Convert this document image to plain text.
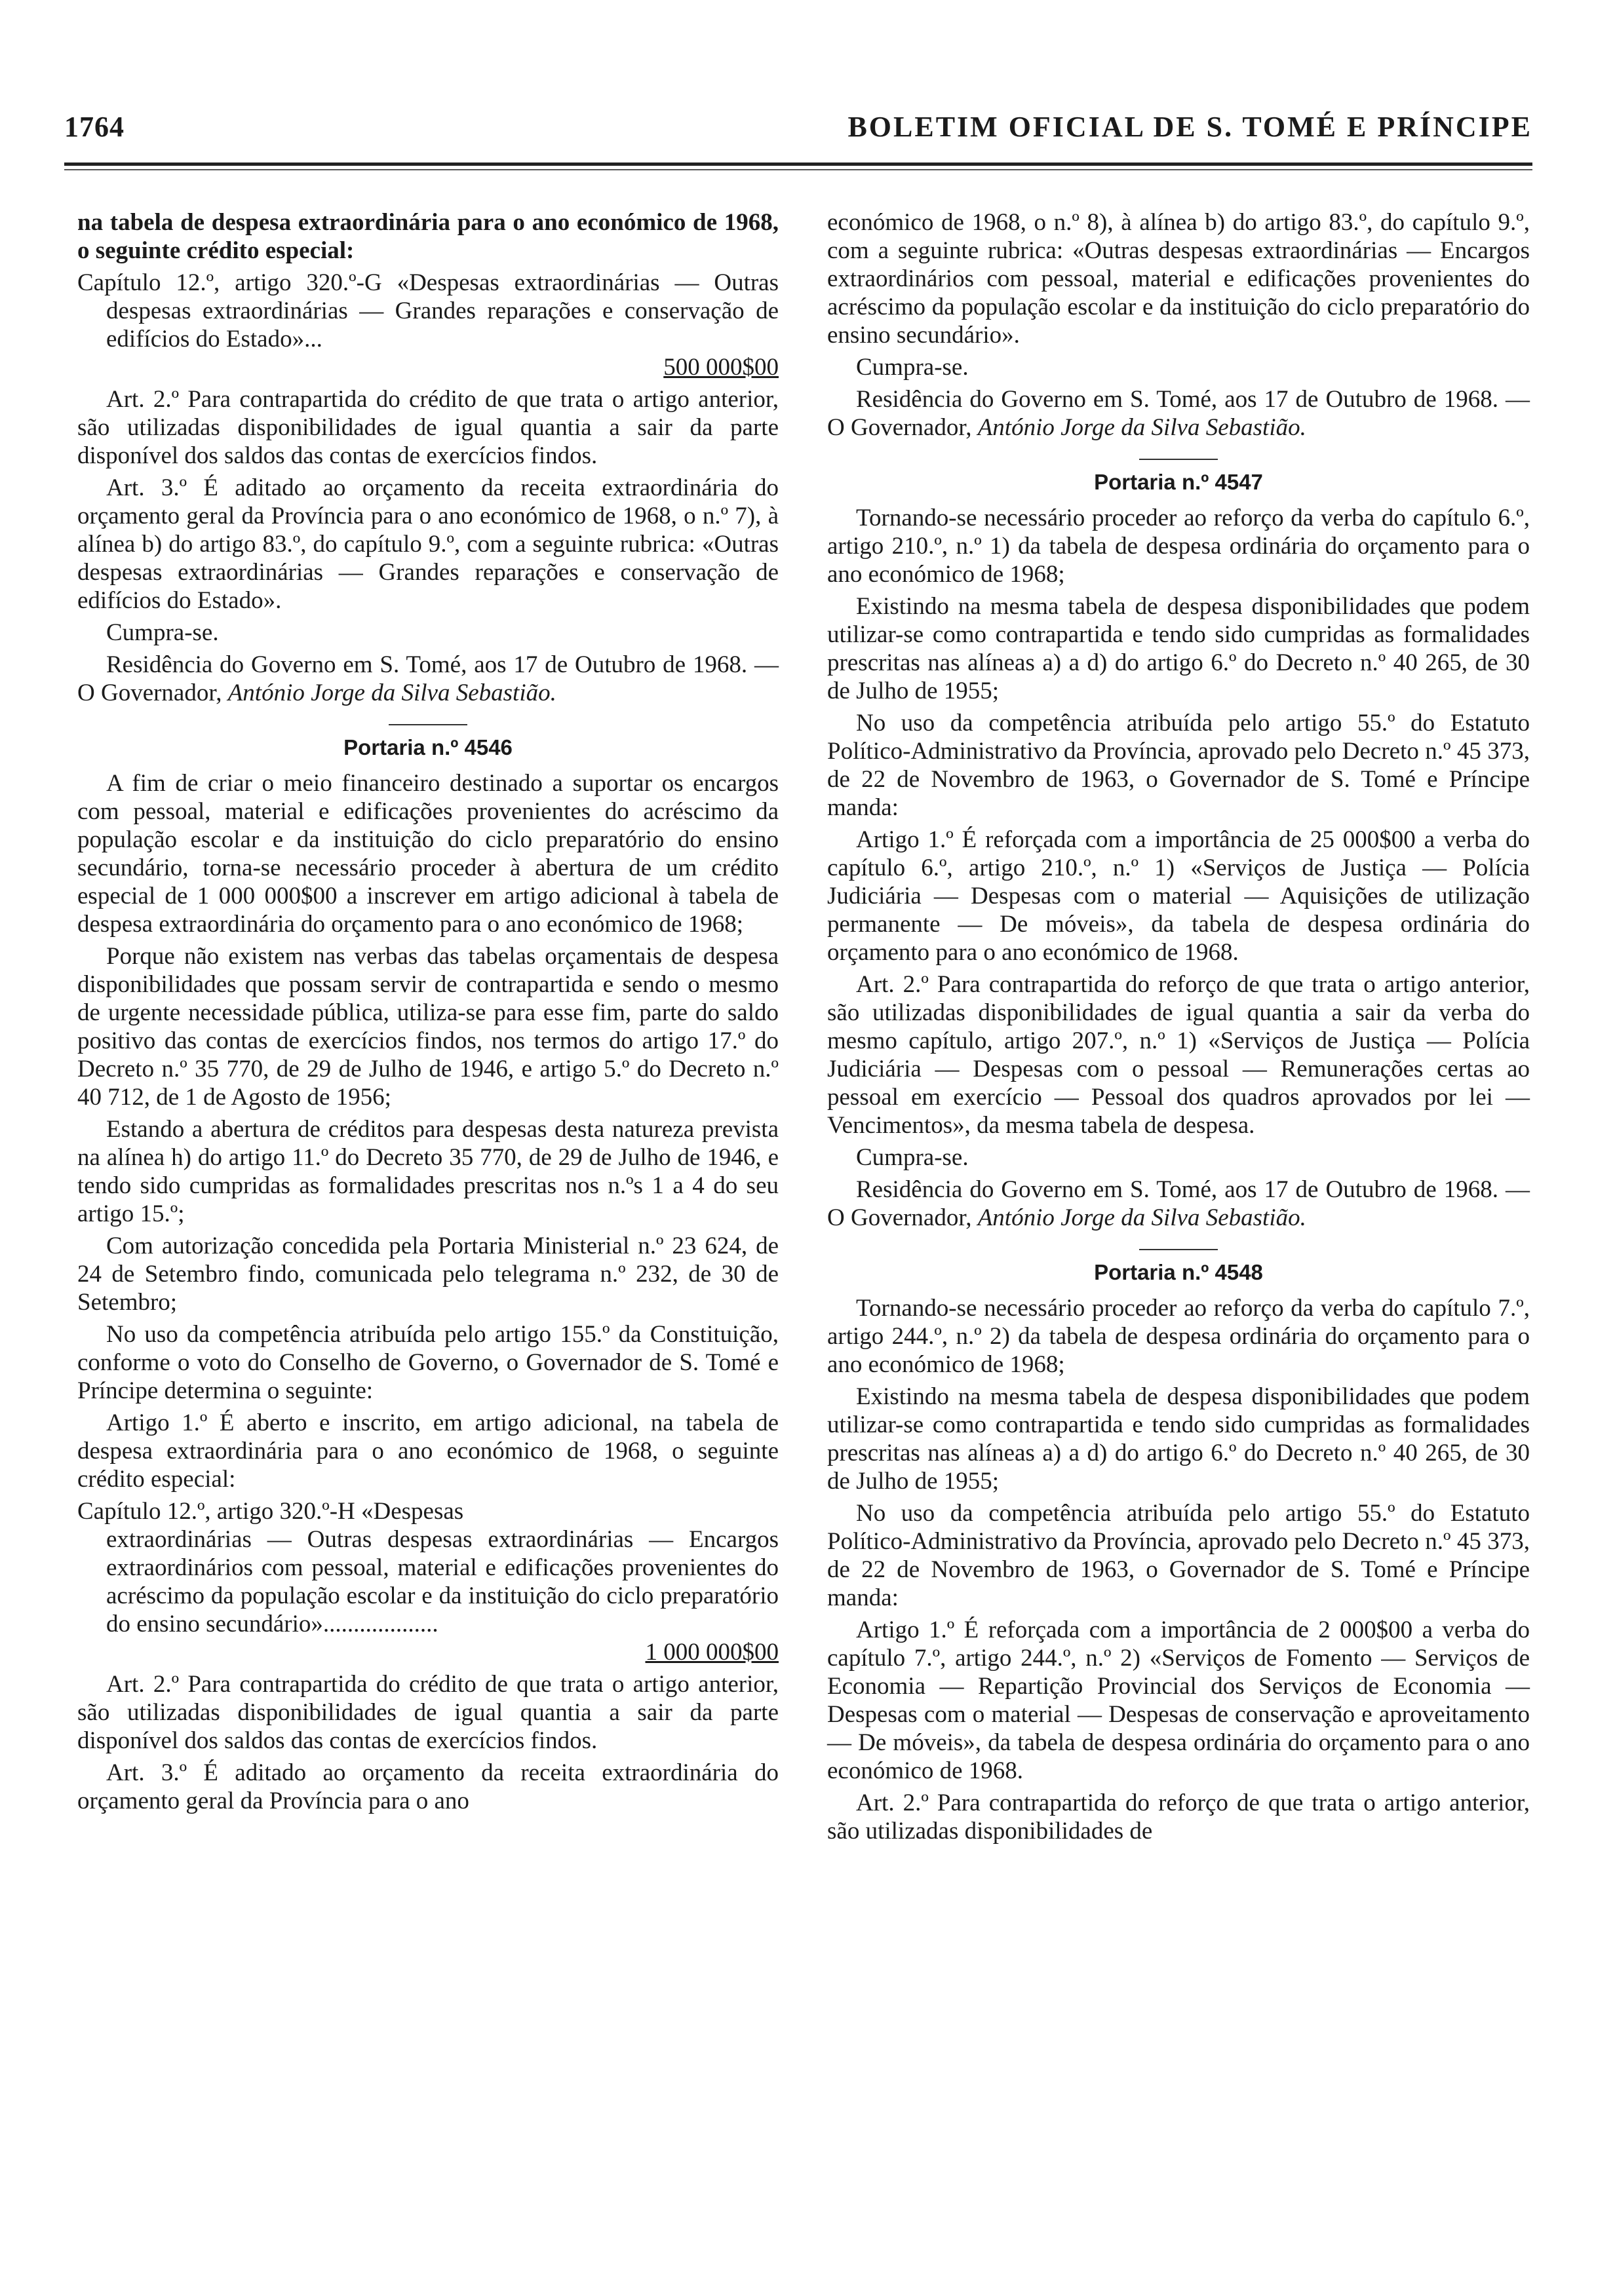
1764	BOLETIM OFICIAL DE S. TOMÉ E PRÍNCIPE

na tabela de despesa extraordinária para o ano económico de 1968, o seguinte crédito especial:

Capítulo 12.º, artigo 320.º-G «Despesas extraordinárias — Outras despesas extraordinárias — Grandes reparações e conservação de edifícios do Estado»...
500 000$00

Art. 2.º Para contrapartida do crédito de que trata o artigo anterior, são utilizadas disponibilidades de igual quantia a sair da parte disponível dos saldos das contas de exercícios findos.

Art. 3.º É aditado ao orçamento da receita extraordinária do orçamento geral da Província para o ano económico de 1968, o n.º 7), à alínea b) do artigo 83.º, do capítulo 9.º, com a seguinte rubrica: «Outras despesas extraordinárias — Grandes reparações e conservação de edifícios do Estado».

Cumpra-se.

Residência do Governo em S. Tomé, aos 17 de Outubro de 1968. — O Governador, António Jorge da Silva Sebastião.

Portaria n.º 4546

A fim de criar o meio financeiro destinado a suportar os encargos com pessoal, material e edificações provenientes do acréscimo da população escolar e da instituição do ciclo preparatório do ensino secundário, torna-se necessário proceder à abertura de um crédito especial de 1 000 000$00 a inscrever em artigo adicional à tabela de despesa extraordinária do orçamento para o ano económico de 1968;

Porque não existem nas verbas das tabelas orçamentais de despesa disponibilidades que possam servir de contrapartida e sendo o mesmo de urgente necessidade pública, utiliza-se para esse fim, parte do saldo positivo das contas de exercícios findos, nos termos do artigo 17.º do Decreto n.º 35 770, de 29 de Julho de 1946, e artigo 5.º do Decreto n.º 40 712, de 1 de Agosto de 1956;

Estando a abertura de créditos para despesas desta natureza prevista na alínea h) do artigo 11.º do Decreto 35 770, de 29 de Julho de 1946, e tendo sido cumpridas as formalidades prescritas nos n.ºs 1 a 4 do seu artigo 15.º;

Com autorização concedida pela Portaria Ministerial n.º 23 624, de 24 de Setembro findo, comunicada pelo telegrama n.º 232, de 30 de Setembro;

No uso da competência atribuída pelo artigo 155.º da Constituição, conforme o voto do Conselho de Governo, o Governador de S. Tomé e Príncipe determina o seguinte:

Artigo 1.º É aberto e inscrito, em artigo adicional, na tabela de despesa extraordinária para o ano económico de 1968, o seguinte crédito especial:

Capítulo 12.º, artigo 320.º-H «Despesas
extraordinárias — Outras despesas extraordinárias — Encargos extraordinários com pessoal, material e edificações provenientes do acréscimo da população escolar e da instituição do ciclo preparatório do ensino secundário»...................
1 000 000$00

Art. 2.º Para contrapartida do crédito de que trata o artigo anterior, são utilizadas disponibilidades de igual quantia a sair da parte disponível dos saldos das contas de exercícios findos.

Art. 3.º É aditado ao orçamento da receita extraordinária do orçamento geral da Província para o ano

económico de 1968, o n.º 8), à alínea b) do artigo 83.º, do capítulo 9.º, com a seguinte rubrica: «Outras despesas extraordinárias — Encargos extraordinários com pessoal, material e edificações provenientes do acréscimo da população escolar e da instituição do ciclo preparatório do ensino secundário».

Cumpra-se.

Residência do Governo em S. Tomé, aos 17 de Outubro de 1968. — O Governador, António Jorge da Silva Sebastião.

Portaria n.º 4547

Tornando-se necessário proceder ao reforço da verba do capítulo 6.º, artigo 210.º, n.º 1) da tabela de despesa ordinária do orçamento para o ano económico de 1968;

Existindo na mesma tabela de despesa disponibilidades que podem utilizar-se como contrapartida e tendo sido cumpridas as formalidades prescritas nas alíneas a) a d) do artigo 6.º do Decreto n.º 40 265, de 30 de Julho de 1955;

No uso da competência atribuída pelo artigo 55.º do Estatuto Político-Administrativo da Província, aprovado pelo Decreto n.º 45 373, de 22 de Novembro de 1963, o Governador de S. Tomé e Príncipe manda:

Artigo 1.º É reforçada com a importância de 25 000$00 a verba do capítulo 6.º, artigo 210.º, n.º 1) «Serviços de Justiça — Polícia Judiciária — Despesas com o material — Aquisições de utilização permanente — De móveis», da tabela de despesa ordinária do orçamento para o ano económico de 1968.

Art. 2.º Para contrapartida do reforço de que trata o artigo anterior, são utilizadas disponibilidades de igual quantia a sair da verba do mesmo capítulo, artigo 207.º, n.º 1) «Serviços de Justiça — Polícia Judiciária — Despesas com o pessoal — Remunerações certas ao pessoal em exercício — Pessoal dos quadros aprovados por lei — Vencimentos», da mesma tabela de despesa.

Cumpra-se.

Residência do Governo em S. Tomé, aos 17 de Outubro de 1968. — O Governador, António Jorge da Silva Sebastião.

Portaria n.º 4548

Tornando-se necessário proceder ao reforço da verba do capítulo 7.º, artigo 244.º, n.º 2) da tabela de despesa ordinária do orçamento para o ano económico de 1968;

Existindo na mesma tabela de despesa disponibilidades que podem utilizar-se como contrapartida e tendo sido cumpridas as formalidades prescritas nas alíneas a) a d) do artigo 6.º do Decreto n.º 40 265, de 30 de Julho de 1955;

No uso da competência atribuída pelo artigo 55.º do Estatuto Político-Administrativo da Província, aprovado pelo Decreto n.º 45 373, de 22 de Novembro de 1963, o Governador de S. Tomé e Príncipe manda:

Artigo 1.º É reforçada com a importância de 2 000$00 a verba do capítulo 7.º, artigo 244.º, n.º 2) «Serviços de Fomento — Serviços de Economia — Repartição Provincial dos Serviços de Economia — Despesas com o material — Despesas de conservação e aproveitamento — De móveis», da tabela de despesa ordinária do orçamento para o ano económico de 1968.

Art. 2.º Para contrapartida do reforço de que trata o artigo anterior, são utilizadas disponibilidades de
